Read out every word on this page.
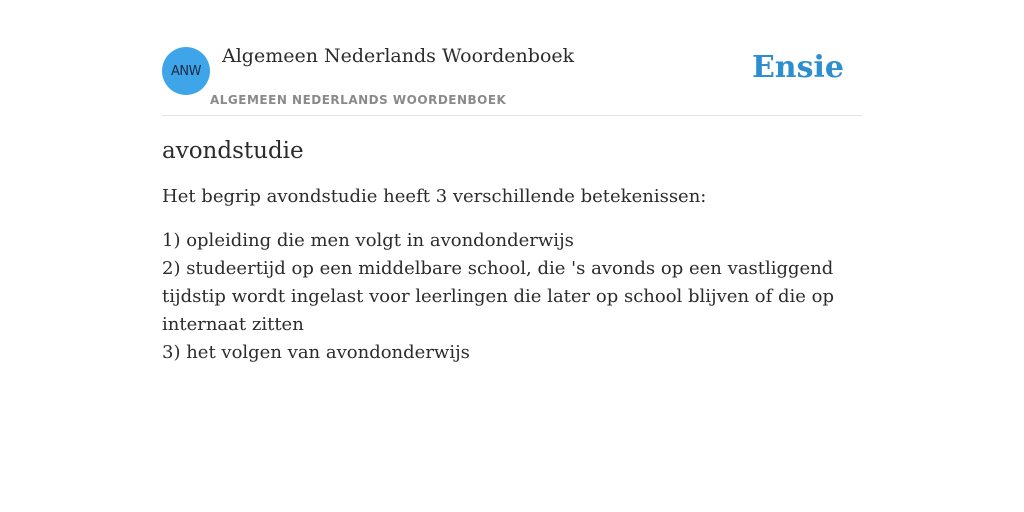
ANW
Algemeen Nederlands Woordenboek
ALGEMEEN NEDERLANDS WOORDENBOEK
Ensie
avondstudie

Het begrip avondstudie heeft 3 verschillende betekenissen:

1) opleiding die men volgt in avondonderwijs
2) studeertijd op een middelbare school, die 's avonds op een vastliggend tijdstip wordt ingelast voor leerlingen die later op school blijven of die op internaat zitten
3) het volgen van avondonderwijs
